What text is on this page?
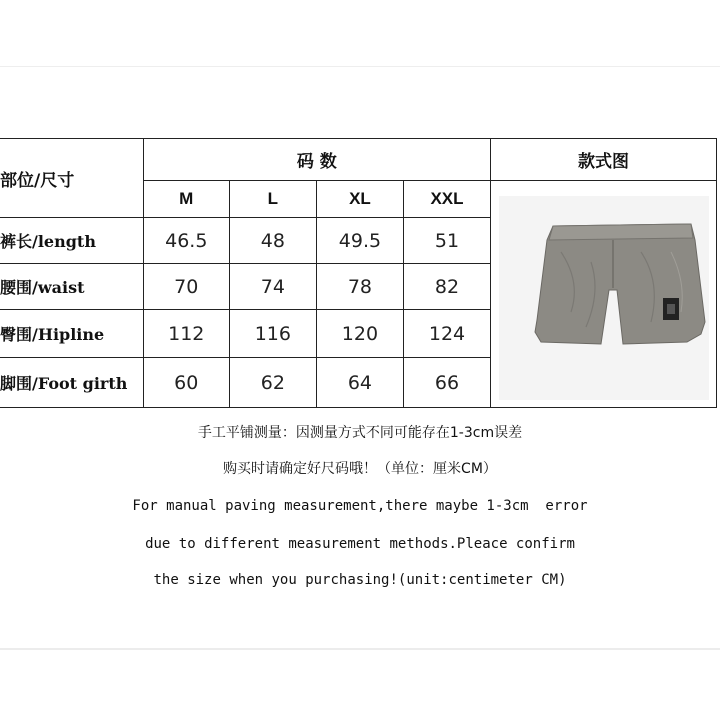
部位/尺寸	码 数				款式图
	M	L	XL	XXL	

裤长/length	46.5	48	49.5	51	
腰围/waist	70	74	78	82	
臀围/Hipline	112	116	120	124	
脚围/Foot girth	60	62	64	66	
手工平铺测量：因测量方式不同可能存在1-3cm误差
购买时请确定好尺码哦！（单位：厘米CM）
For manual paving measurement,there maybe 1-3cm  error
due to different measurement methods.Pleace confirm
the size when you purchasing!(unit:centimeter CM)
